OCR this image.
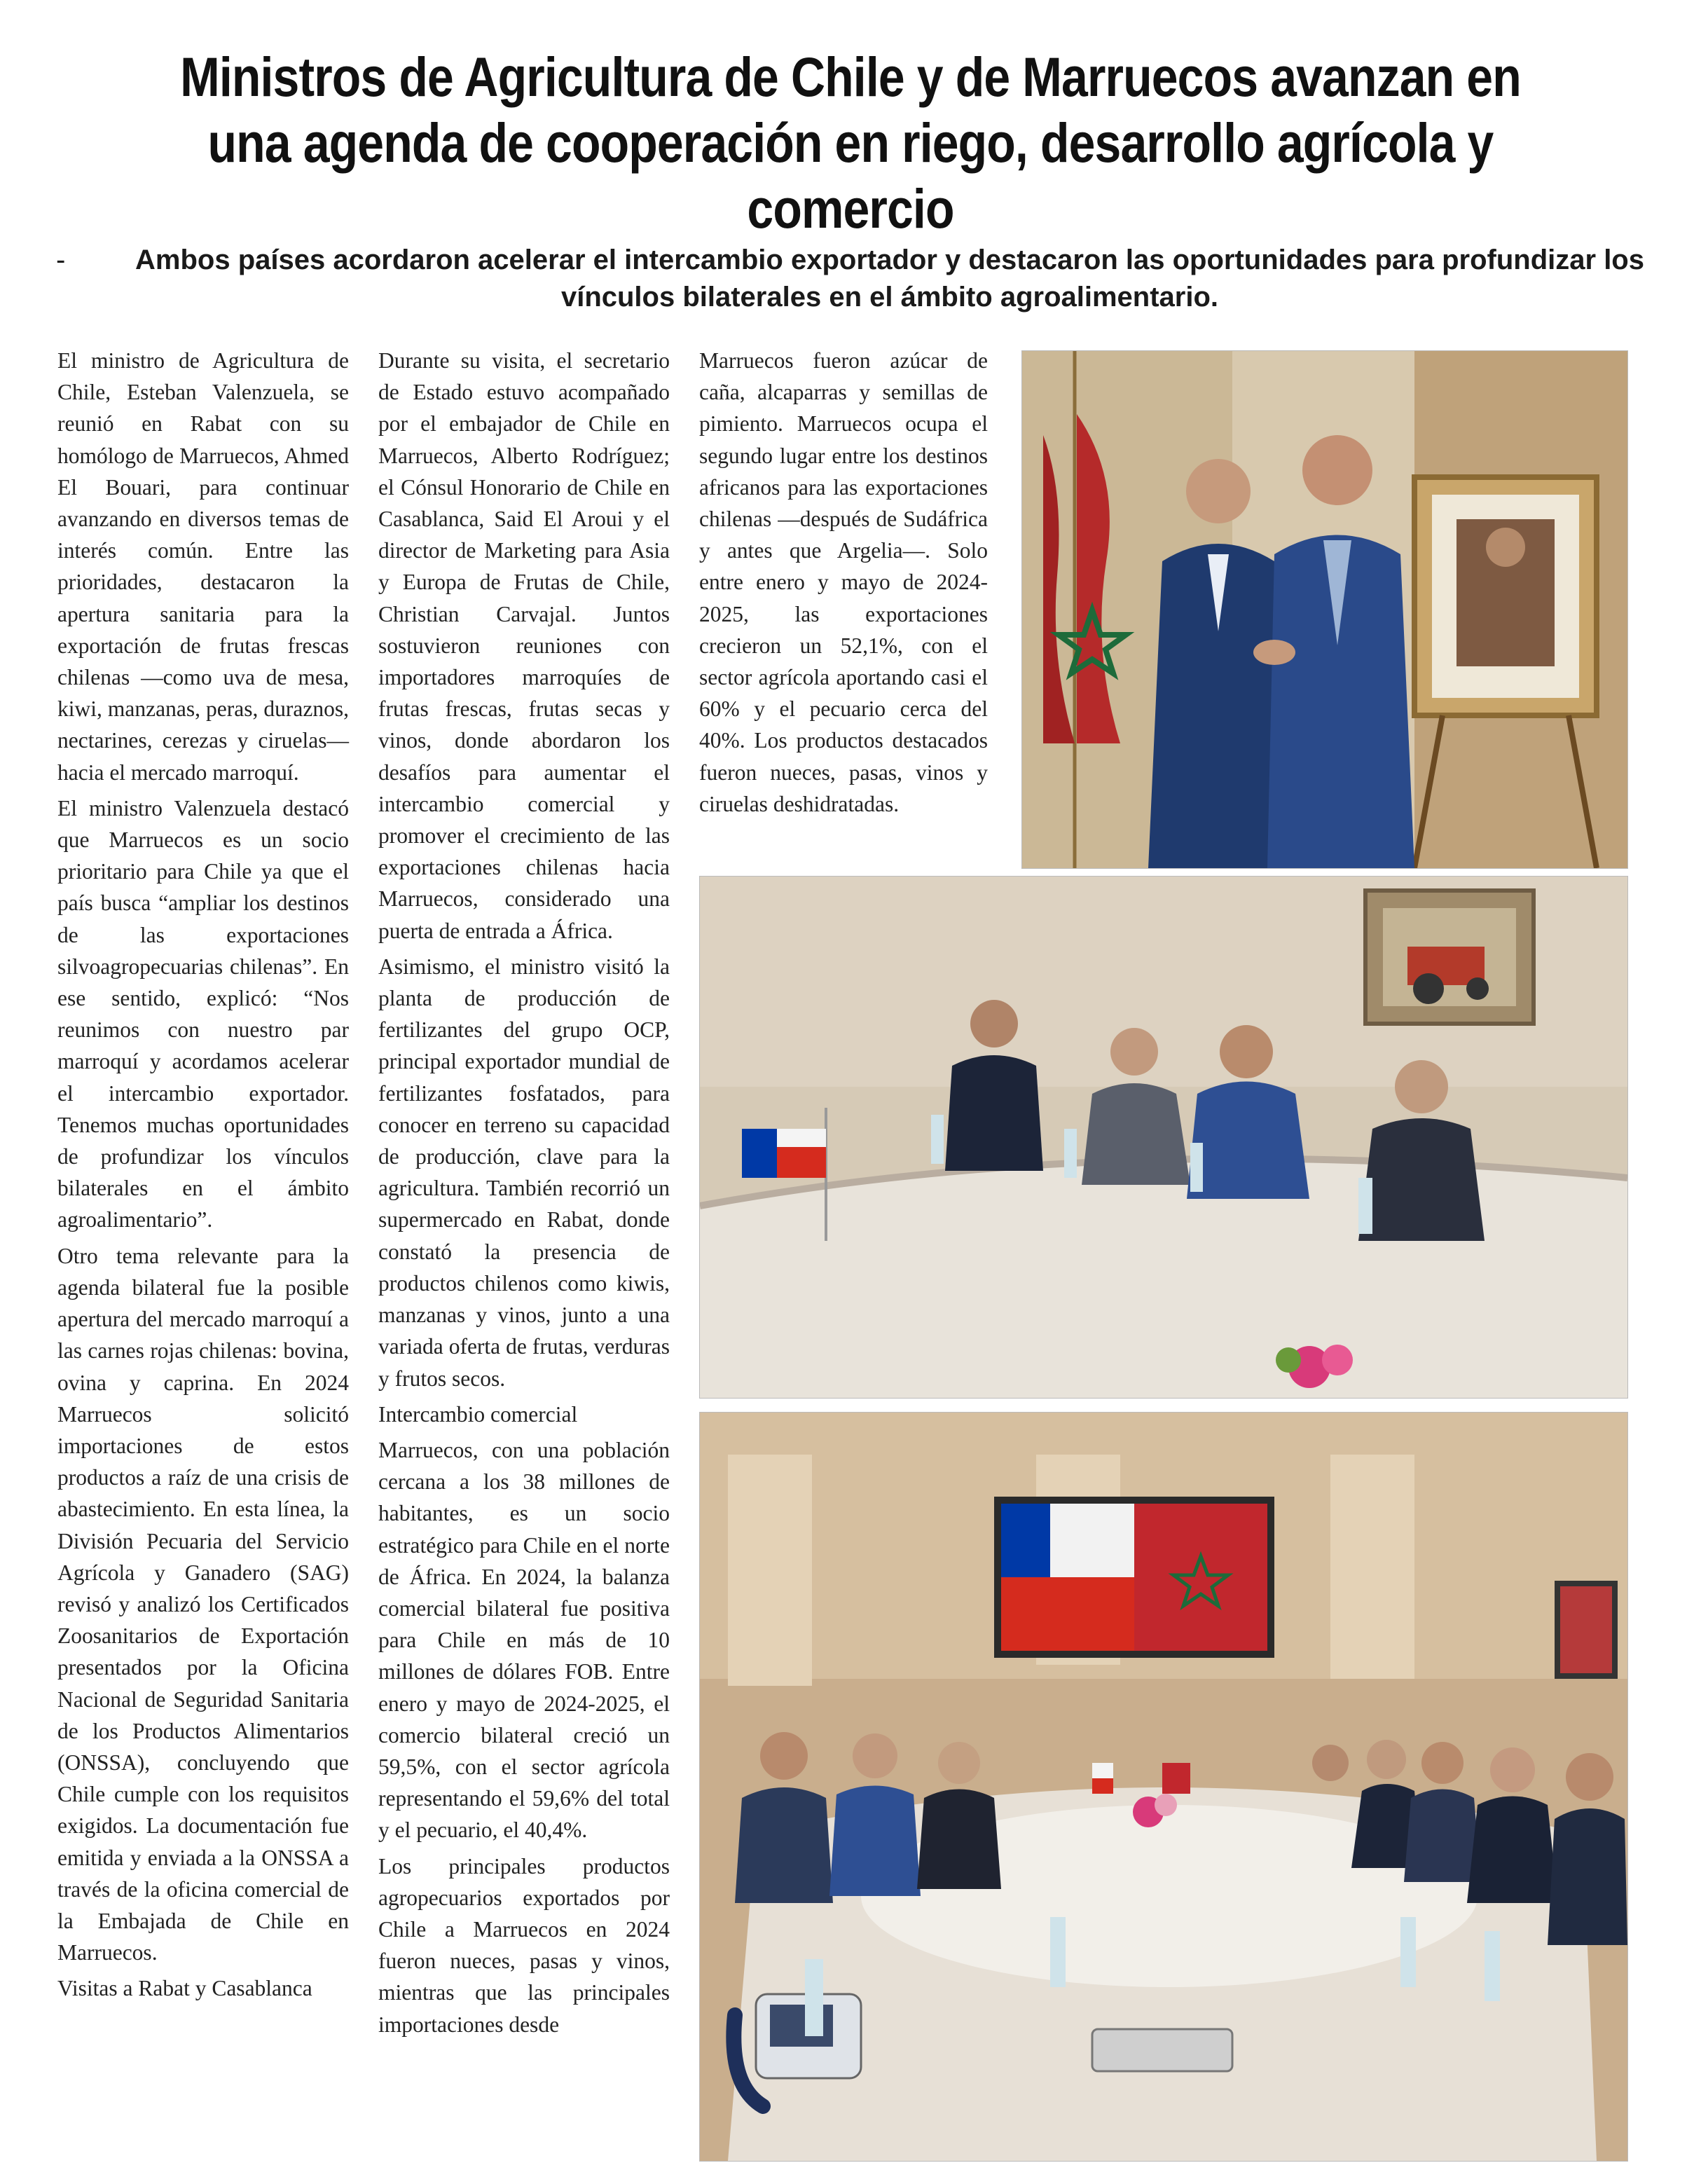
Ministros de Agricultura de Chile y de Marruecos avanzan en una agenda de cooperación en riego, desarrollo agrícola y comercio
-	Ambos países acordaron acelerar el intercambio exportador y destacaron las oportunidades para profundizar los vínculos bilaterales en el ámbito agroalimentario.

El ministro de Agricultura de Chile, Esteban Valenzuela, se reunió en Rabat con su homólogo de Marruecos, Ahmed El Bouari, para continuar avanzando en diversos temas de interés común. Entre las prioridades, destacaron la apertura sanitaria para la exportación de frutas frescas chilenas —como uva de mesa, kiwi, manzanas, peras, duraznos, nectarines, cerezas y ciruelas— hacia el mercado marroquí.

El ministro Valenzuela destacó que Marruecos es un socio prioritario para Chile ya que el país busca “ampliar los destinos de las exportaciones silvoagropecuarias chilenas”. En ese sentido, explicó: “Nos reunimos con nuestro par marroquí y acordamos acelerar el intercambio exportador. Tenemos muchas oportunidades de profundizar los vínculos bilaterales en el ámbito agroalimentario”.

Otro tema relevante para la agenda bilateral fue la posible apertura del mercado marroquí a las carnes rojas chilenas: bovina, ovina y caprina. En 2024 Marruecos solicitó importaciones de estos productos a raíz de una crisis de abastecimiento. En esta línea, la División Pecuaria del Servicio Agrícola y Ganadero (SAG) revisó y analizó los Certificados Zoosanitarios de Exportación presentados por la Oficina Nacional de Seguridad Sanitaria de los Productos Alimentarios (ONSSA), concluyendo que Chile cumple con los requisitos exigidos. La documentación fue emitida y enviada a la ONSSA a través de la oficina comercial de la Embajada de Chile en Marruecos.

Visitas a Rabat y Casablanca

Durante su visita, el secretario de Estado estuvo acompañado por el embajador de Chile en Marruecos, Alberto Rodríguez; el Cónsul Honorario de Chile en Casablanca, Said El Aroui y el director de Marketing para Asia y Europa de Frutas de Chile, Christian Carvajal. Juntos sostuvieron reuniones con importadores marroquíes de frutas frescas, frutas secas y vinos, donde abordaron los desafíos para aumentar el intercambio comercial y promover el crecimiento de las exportaciones chilenas hacia Marruecos, considerado una puerta de entrada a África.

Asimismo, el ministro visitó la planta de producción de fertilizantes del grupo OCP, principal exportador mundial de fertilizantes fosfatados, para conocer en terreno su capacidad de producción, clave para la agricultura. También recorrió un supermercado en Rabat, donde constató la presencia de productos chilenos como kiwis, manzanas y vinos, junto a una variada oferta de frutas, verduras y frutos secos.

Intercambio comercial

Marruecos, con una población cercana a los 38 millones de habitantes, es un socio estratégico para Chile en el norte de África. En 2024, la balanza comercial bilateral fue positiva para Chile en más de 10 millones de dólares FOB. Entre enero y mayo de 2024-2025, el comercio bilateral creció un 59,5%, con el sector agrícola representando el 59,6% del total y el pecuario, el 40,4%.

Los principales productos agropecuarios exportados por Chile a Marruecos en 2024 fueron nueces, pasas y vinos, mientras que las principales importaciones desde

Marruecos fueron azúcar de caña, alcaparras y semillas de pimiento. Marruecos ocupa el segundo lugar entre los destinos africanos para las exportaciones chilenas —después de Sudáfrica y antes que Argelia—. Solo entre enero y mayo de 2024-2025, las exportaciones crecieron un 52,1%, con el sector agrícola aportando casi el 60% y el pecuario cerca del 40%. Los productos destacados fueron nueces, pasas, vinos y ciruelas deshidratadas.
